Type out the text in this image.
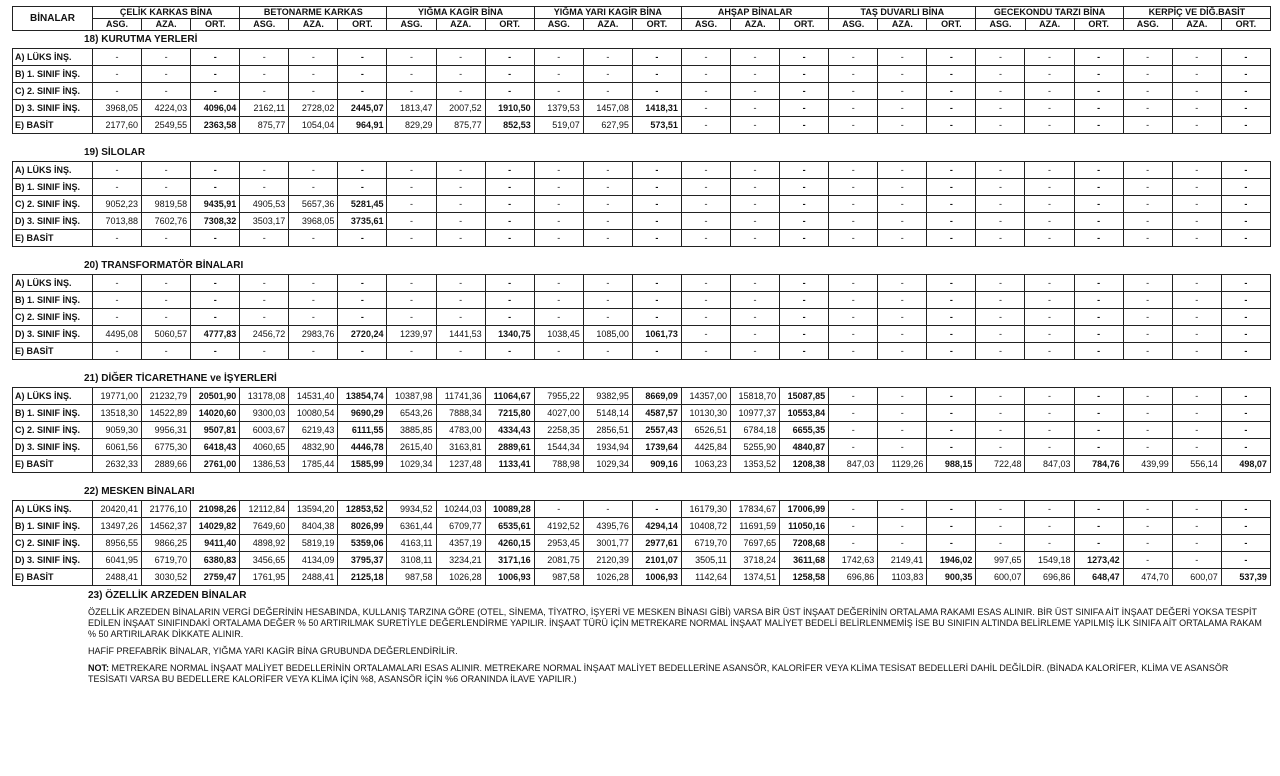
BİNALAR	ÇELİK KARKAS BİNA			BETONARME KARKAS			YIĞMA KAGİR BİNA			YIĞMA YARI KAGİR BİNA			AHŞAP BİNALAR			TAŞ DUVARLI BİNA			GECEKONDU TARZI BİNA			KERPİÇ VE DİĞ.BASİT		
	ASG.	AZA.	ORT.	ASG.	AZA.	ORT.	ASG.	AZA.	ORT.	ASG.	AZA.	ORT.	ASG.	AZA.	ORT.	ASG.	AZA.	ORT.	ASG.	AZA.	ORT.	ASG.	AZA.	ORT.
18) KURUTMA YERLERİ
A) LÜKS İNŞ.	-	-	-	-	-	-	-	-	-	-	-	-	-	-	-	-	-	-	-	-	-	-	-	-
B) 1. SINIF İNŞ.	-	-	-	-	-	-	-	-	-	-	-	-	-	-	-	-	-	-	-	-	-	-	-	-
C) 2. SINIF İNŞ.	-	-	-	-	-	-	-	-	-	-	-	-	-	-	-	-	-	-	-	-	-	-	-	-
D) 3. SINIF İNŞ.	3968,05	4224,03	4096,04	2162,11	2728,02	2445,07	1813,47	2007,52	1910,50	1379,53	1457,08	1418,31	-	-	-	-	-	-	-	-	-	-	-	-
E) BASİT	2177,60	2549,55	2363,58	875,77	1054,04	964,91	829,29	875,77	852,53	519,07	627,95	573,51	-	-	-	-	-	-	-	-	-	-	-	-
19) SİLOLAR
A) LÜKS İNŞ.	-	-	-	-	-	-	-	-	-	-	-	-	-	-	-	-	-	-	-	-	-	-	-	-
B) 1. SINIF İNŞ.	-	-	-	-	-	-	-	-	-	-	-	-	-	-	-	-	-	-	-	-	-	-	-	-
C) 2. SINIF İNŞ.	9052,23	9819,58	9435,91	4905,53	5657,36	5281,45	-	-	-	-	-	-	-	-	-	-	-	-	-	-	-	-	-	-
D) 3. SINIF İNŞ.	7013,88	7602,76	7308,32	3503,17	3968,05	3735,61	-	-	-	-	-	-	-	-	-	-	-	-	-	-	-	-	-	-
E) BASİT	-	-	-	-	-	-	-	-	-	-	-	-	-	-	-	-	-	-	-	-	-	-	-	-
20) TRANSFORMATÖR BİNALARI
A) LÜKS İNŞ.	-	-	-	-	-	-	-	-	-	-	-	-	-	-	-	-	-	-	-	-	-	-	-	-
B) 1. SINIF İNŞ.	-	-	-	-	-	-	-	-	-	-	-	-	-	-	-	-	-	-	-	-	-	-	-	-
C) 2. SINIF İNŞ.	-	-	-	-	-	-	-	-	-	-	-	-	-	-	-	-	-	-	-	-	-	-	-	-
D) 3. SINIF İNŞ.	4495,08	5060,57	4777,83	2456,72	2983,76	2720,24	1239,97	1441,53	1340,75	1038,45	1085,00	1061,73	-	-	-	-	-	-	-	-	-	-	-	-
E) BASİT	-	-	-	-	-	-	-	-	-	-	-	-	-	-	-	-	-	-	-	-	-	-	-	-
21) DİĞER TİCARETHANE ve İŞYERLERİ
A) LÜKS İNŞ.	19771,00	21232,79	20501,90	13178,08	14531,40	13854,74	10387,98	11741,36	11064,67	7955,22	9382,95	8669,09	14357,00	15818,70	15087,85	-	-	-	-	-	-	-	-	-
B) 1. SINIF İNŞ.	13518,30	14522,89	14020,60	9300,03	10080,54	9690,29	6543,26	7888,34	7215,80	4027,00	5148,14	4587,57	10130,30	10977,37	10553,84	-	-	-	-	-	-	-	-	-
C) 2. SINIF İNŞ.	9059,30	9956,31	9507,81	6003,67	6219,43	6111,55	3885,85	4783,00	4334,43	2258,35	2856,51	2557,43	6526,51	6784,18	6655,35	-	-	-	-	-	-	-	-	-
D) 3. SINIF İNŞ.	6061,56	6775,30	6418,43	4060,65	4832,90	4446,78	2615,40	3163,81	2889,61	1544,34	1934,94	1739,64	4425,84	5255,90	4840,87	-	-	-	-	-	-	-	-	-
E) BASİT	2632,33	2889,66	2761,00	1386,53	1785,44	1585,99	1029,34	1237,48	1133,41	788,98	1029,34	909,16	1063,23	1353,52	1208,38	847,03	1129,26	988,15	722,48	847,03	784,76	439,99	556,14	498,07
22) MESKEN BİNALARI
A) LÜKS İNŞ.	20420,41	21776,10	21098,26	12112,84	13594,20	12853,52	9934,52	10244,03	10089,28	-	-	-	16179,30	17834,67	17006,99	-	-	-	-	-	-	-	-	-
B) 1. SINIF İNŞ.	13497,26	14562,37	14029,82	7649,60	8404,38	8026,99	6361,44	6709,77	6535,61	4192,52	4395,76	4294,14	10408,72	11691,59	11050,16	-	-	-	-	-	-	-	-	-
C) 2. SINIF İNŞ.	8956,55	9866,25	9411,40	4898,92	5819,19	5359,06	4163,11	4357,19	4260,15	2953,45	3001,77	2977,61	6719,70	7697,65	7208,68	-	-	-	-	-	-	-	-	-
D) 3. SINIF İNŞ.	6041,95	6719,70	6380,83	3456,65	4134,09	3795,37	3108,11	3234,21	3171,16	2081,75	2120,39	2101,07	3505,11	3718,24	3611,68	1742,63	2149,41	1946,02	997,65	1549,18	1273,42	-	-	-
E) BASİT	2488,41	3030,52	2759,47	1761,95	2488,41	2125,18	987,58	1026,28	1006,93	987,58	1026,28	1006,93	1142,64	1374,51	1258,58	696,86	1103,83	900,35	600,07	696,86	648,47	474,70	600,07	537,39

23) ÖZELLİK ARZEDEN BİNALAR

ÖZELLİK ARZEDEN BİNALARIN VERGİ DEĞERİNİN HESABINDA, KULLANIŞ TARZINA GÖRE (OTEL, SİNEMA, TİYATRO, İŞYERİ VE MESKEN BİNASI GİBİ) VARSA BİR ÜST İNŞAAT DEĞERİNİN ORTALAMA RAKAMI ESAS ALINIR. BİR ÜST SINIFA AİT İNŞAAT DEĞERİ YOKSA TESPİT EDİLEN İNŞAAT SINIFINDAKİ ORTALAMA DEĞER % 50 ARTIRILMAK SURETİYLE DEĞERLENDİRME YAPILIR. İNŞAAT TÜRÜ İÇİN METREKARE NORMAL İNŞAAT MALİYET BEDELİ BELİRLENMEMİŞ İSE BU SINIFIN ALTINDA BELİRLEME YAPILMIŞ İLK SINIFA AİT ORTALAMA RAKAM % 50 ARTIRILARAK DİKKATE ALINIR.

HAFİF PREFABRİK BİNALAR, YIĞMA YARI KAGİR BİNA GRUBUNDA DEĞERLENDİRİLİR.

NOT: METREKARE NORMAL İNŞAAT MALİYET BEDELLERİNİN ORTALAMALARI ESAS ALINIR. METREKARE NORMAL İNŞAAT MALİYET BEDELLERİNE ASANSÖR, KALORİFER VEYA KLİMA TESİSAT BEDELLERİ DAHİL DEĞİLDİR. (BİNADA KALORİFER, KLİMA VE ASANSÖR TESİSATI VARSA BU BEDELLERE KALORİFER VEYA KLİMA İÇİN %8, ASANSÖR İÇİN %6 ORANINDA İLAVE YAPILIR.)
